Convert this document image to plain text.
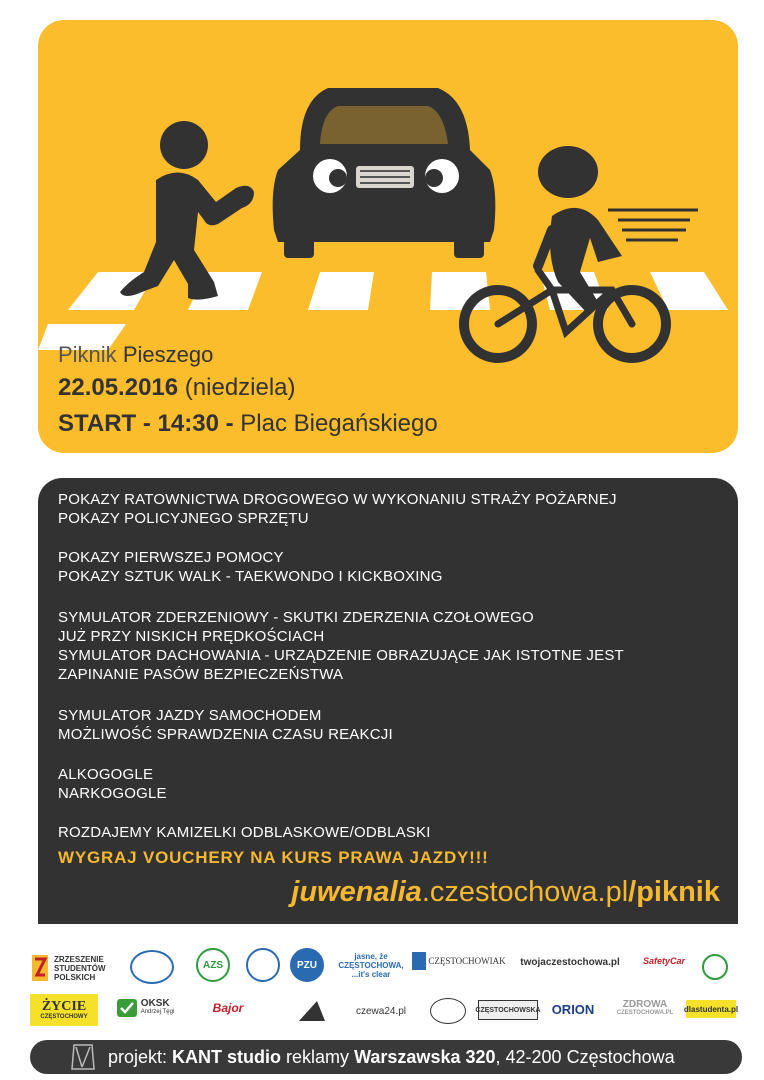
Piknik Pieszego
22.05.2016 (niedziela)
START - 14:30 - Plac Biegańskiego
POKAZY RATOWNICTWA DROGOWEGO W WYKONANIU STRAŻY POŻARNEJ
POKAZY POLICYJNEGO SPRZĘTU
POKAZY PIERWSZEJ POMOCY
POKAZY SZTUK WALK - TAEKWONDO I KICKBOXING
SYMULATOR ZDERZENIOWY - SKUTKI ZDERZENIA CZOŁOWEGO
JUŻ PRZY NISKICH PRĘDKOŚCIACH
SYMULATOR DACHOWANIA - URZĄDZENIE OBRAZUJĄCE JAK ISTOTNE JEST
ZAPINANIE PASÓW BEZPIECZEŃSTWA
SYMULATOR JAZDY SAMOCHODEM
MOŻLIWOŚĆ SPRAWDZENIA CZASU REAKCJI
ALKOGOGLE
NARKOGOGLE
ROZDAJEMY KAMIZELKI ODBLASKOWE/ODBLASKI
WYGRAJ VOUCHERY NA KURS PRAWA JAZDY!!!
juwenalia.czestochowa.pl/piknik
ZRZESZENIE
STUDENTÓW
POLSKICH
AZS	PZU
jasne, że
CZĘSTOCHOWA,
...it's clear
CZĘSTOCHOWIAK	twojaczestochowa.pl	SafetyCar
ŻYCIE
CZĘSTOCHOWY
OKSK
Andrzej Tęgi	Bajor	czewa24.pl	CZĘSTOCHOWSKA ORION	ZDROWA
CZESTOCHOWA.PL dlastudenta.pl
projekt: KANT studio reklamy Warszawska 320, 42-200 Częstochowa
